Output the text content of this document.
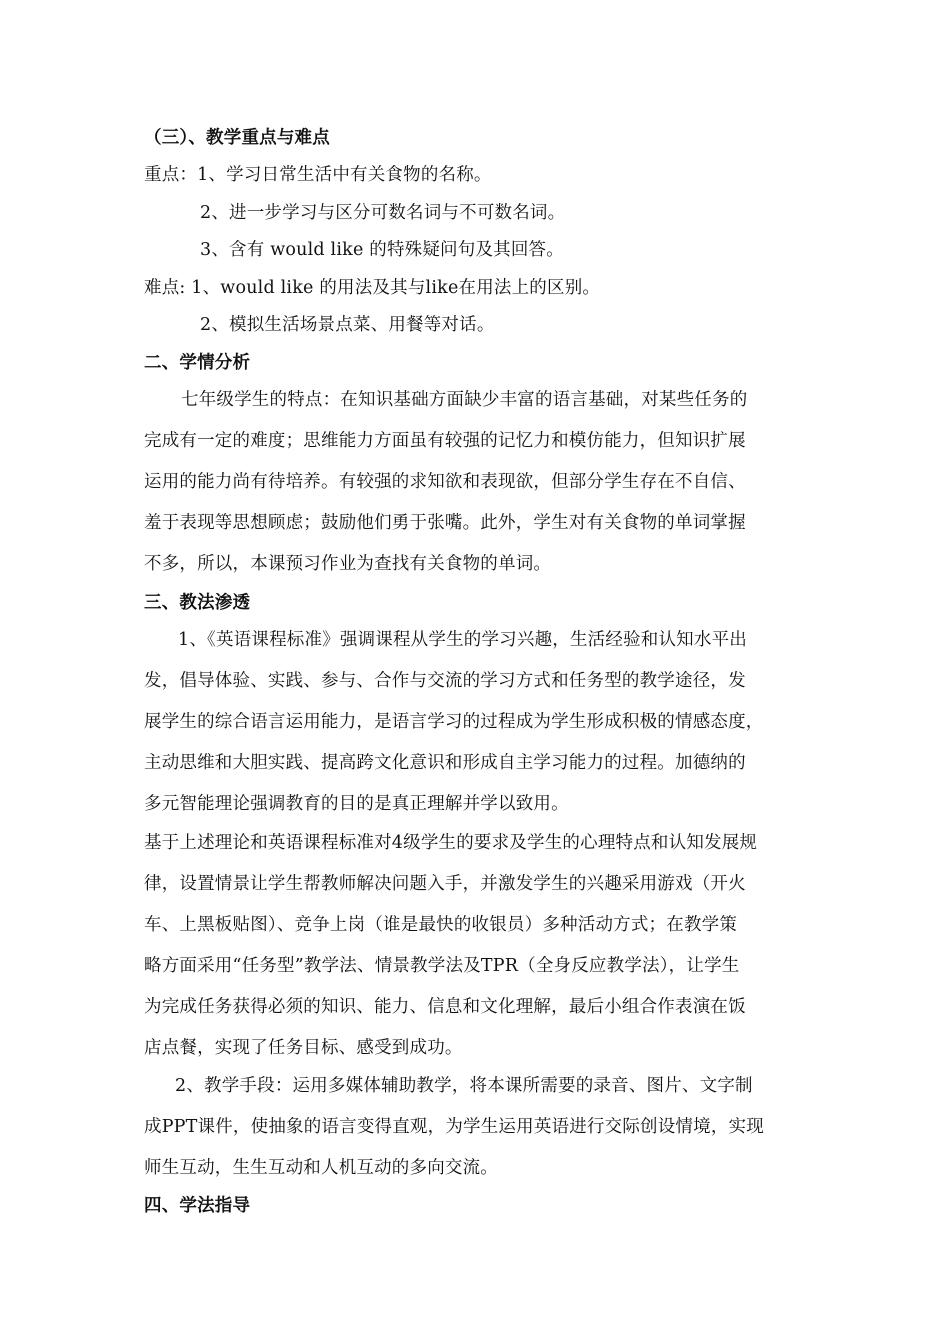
（三）、教学重点与难点
重点：1、学习日常生活中有关食物的名称。
2、进一步学习与区分可数名词与不可数名词。
3、含有 would like 的特殊疑问句及其回答。
难点: 1、would like 的用法及其与like在用法上的区别。
2、模拟生活场景点菜、用餐等对话。
二、学情分析
七年级学生的特点：在知识基础方面缺少丰富的语言基础，对某些任务的
完成有一定的难度；思维能力方面虽有较强的记忆力和模仿能力，但知识扩展
运用的能力尚有待培养。有较强的求知欲和表现欲，但部分学生存在不自信、
羞于表现等思想顾虑；鼓励他们勇于张嘴。此外，学生对有关食物的单词掌握
不多，所以，本课预习作业为查找有关食物的单词。
三、教法渗透
1、《英语课程标准》强调课程从学生的学习兴趣，生活经验和认知水平出
发，倡导体验、实践、参与、合作与交流的学习方式和任务型的教学途径，发
展学生的综合语言运用能力，是语言学习的过程成为学生形成积极的情感态度，
主动思维和大胆实践、提高跨文化意识和形成自主学习能力的过程。加德纳的
多元智能理论强调教育的目的是真正理解并学以致用。
基于上述理论和英语课程标准对4级学生的要求及学生的心理特点和认知发展规
律，设置情景让学生帮教师解决问题入手，并激发学生的兴趣采用游戏（开火
车、上黑板贴图）、竞争上岗（谁是最快的收银员）多种活动方式；在教学策
略方面采用“任务型”教学法、情景教学法及TPR（全身反应教学法），让学生
为完成任务获得必须的知识、能力、信息和文化理解，最后小组合作表演在饭
店点餐，实现了任务目标、感受到成功。
2、教学手段：运用多媒体辅助教学，将本课所需要的录音、图片、文字制
成PPT课件，使抽象的语言变得直观，为学生运用英语进行交际创设情境，实现
师生互动，生生互动和人机互动的多向交流。
四、学法指导
